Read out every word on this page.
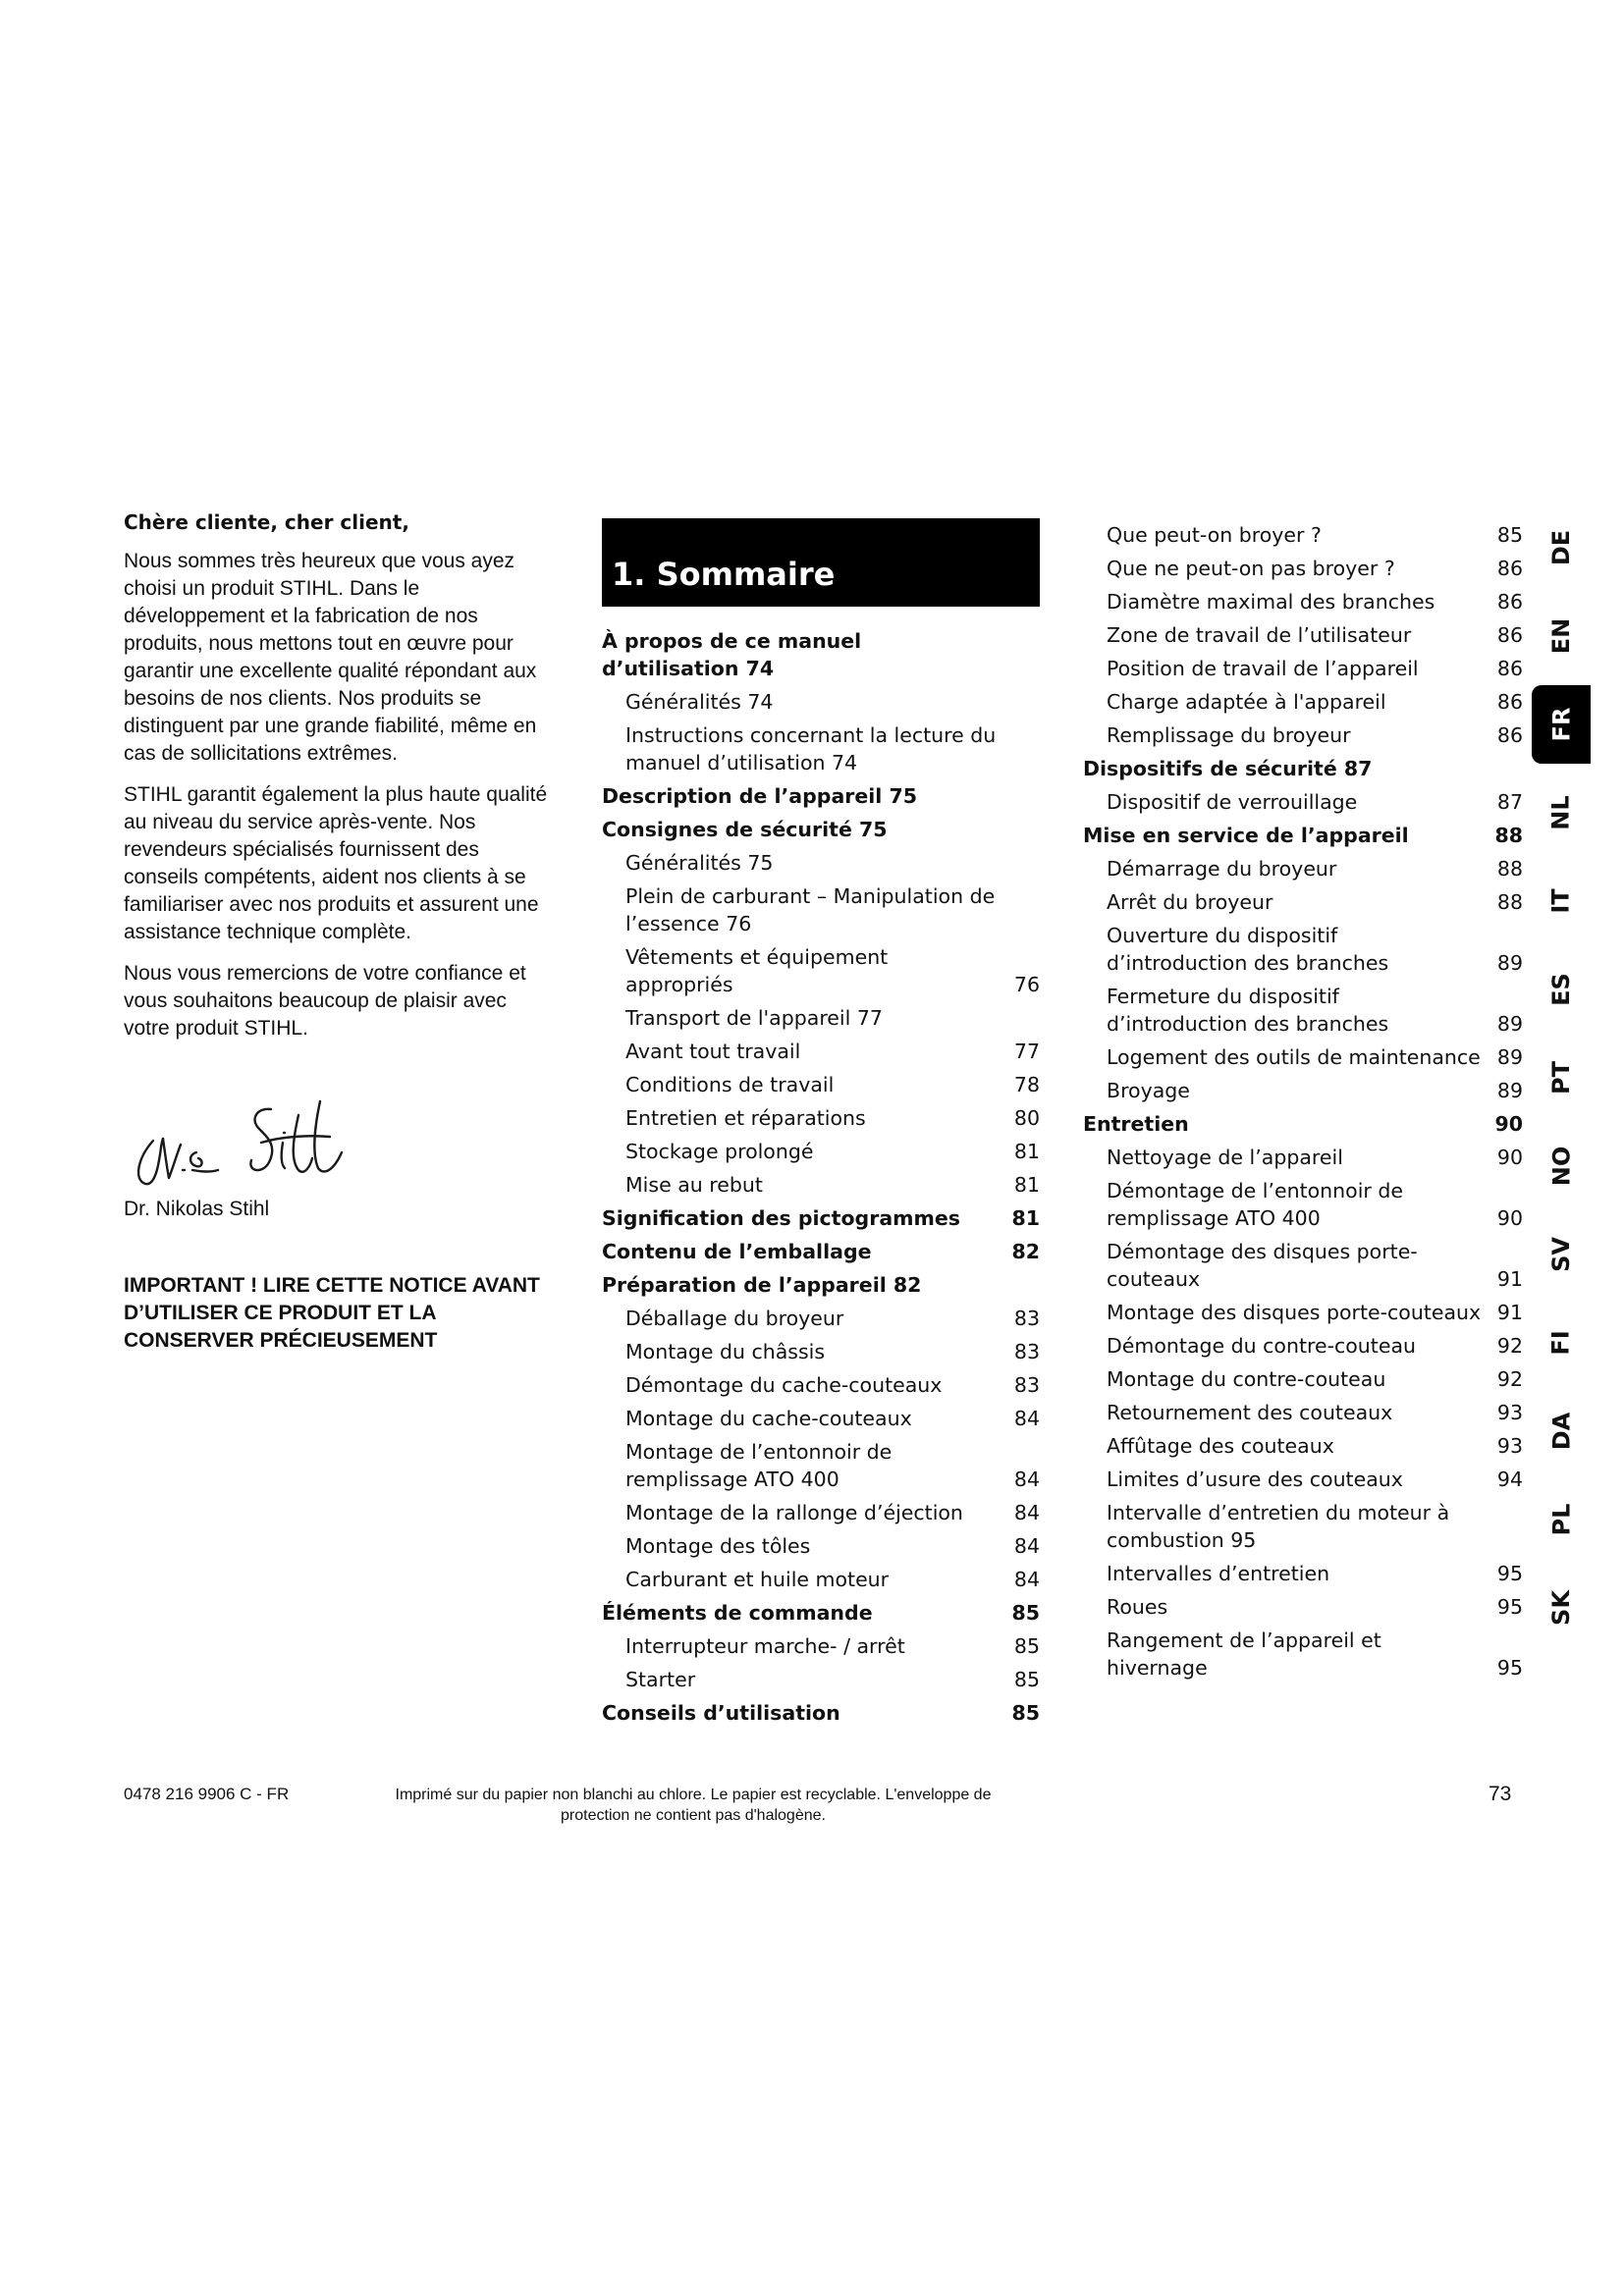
Chère cliente, cher client,

Nous sommes très heureux que vous ayez choisi un produit STIHL. Dans le développement et la fabrication de nos produits, nous mettons tout en œuvre pour garantir une excellente qualité répondant aux besoins de nos clients. Nos produits se distinguent par une grande fiabilité, même en cas de sollicitations extrêmes.

STIHL garantit également la plus haute qualité au niveau du service après-vente. Nos revendeurs spécialisés fournissent des conseils compétents, aident nos clients à se familiariser avec nos produits et assurent une assistance technique complète.

Nous vous remercions de votre confiance et vous souhaitons beaucoup de plaisir avec votre produit STIHL.

Dr. Nikolas Stihl
IMPORTANT ! LIRE CETTE NOTICE AVANT D’UTILISER CE PRODUIT ET LA CONSERVER PRÉCIEUSEMENT
1. Sommaire
À propos de ce manuel d’utilisation 74
Généralités 74
Instructions concernant la lecture du manuel d’utilisation 74
Description de l’appareil 75
Consignes de sécurité 75
Généralités 75
Plein de carburant – Manipulation de l’essence 76
Vêtements et équipement appropriés	76
Transport de l'appareil 77
Avant tout travail	77
Conditions de travail	78
Entretien et réparations	80
Stockage prolongé	81
Mise au rebut	81
Signification des pictogrammes	81
Contenu de l’emballage	82
Préparation de l’appareil 82
Déballage du broyeur	83
Montage du châssis	83
Démontage du cache-couteaux	83
Montage du cache-couteaux	84
Montage de l’entonnoir de remplissage ATO 400	84
Montage de la rallonge d’éjection	84
Montage des tôles	84
Carburant et huile moteur	84
Éléments de commande	85
Interrupteur marche- / arrêt	85
Starter	85
Conseils d’utilisation	85
Que peut-on broyer ?	85
Que ne peut-on pas broyer ?	86
Diamètre maximal des branches	86
Zone de travail de l’utilisateur	86
Position de travail de l’appareil	86
Charge adaptée à l'appareil	86
Remplissage du broyeur	86
Dispositifs de sécurité 87
Dispositif de verrouillage	87
Mise en service de l’appareil	88
Démarrage du broyeur	88
Arrêt du broyeur	88
Ouverture du dispositif d’introduction des branches	89
Fermeture du dispositif d’introduction des branches	89
Logement des outils de maintenance 89
Broyage	89
Entretien	90
Nettoyage de l’appareil	90
Démontage de l’entonnoir de remplissage ATO 400	90
Démontage des disques porte-couteaux	91
Montage des disques porte-couteaux 91
Démontage du contre-couteau	92
Montage du contre-couteau	92
Retournement des couteaux	93
Affûtage des couteaux	93
Limites d’usure des couteaux	94
Intervalle d’entretien du moteur à combustion 95
Intervalles d’entretien	95
Roues	95
Rangement de l’appareil et hivernage	95
DE
EN
FR
NL
IT
ES
PT
NO
SV
FI
DA
PL
SK
0478 216 9906 C - FR	Imprimé sur du papier non blanchi au chlore. Le papier est recyclable. L'enveloppe de protection ne contient pas d'halogène.
73
